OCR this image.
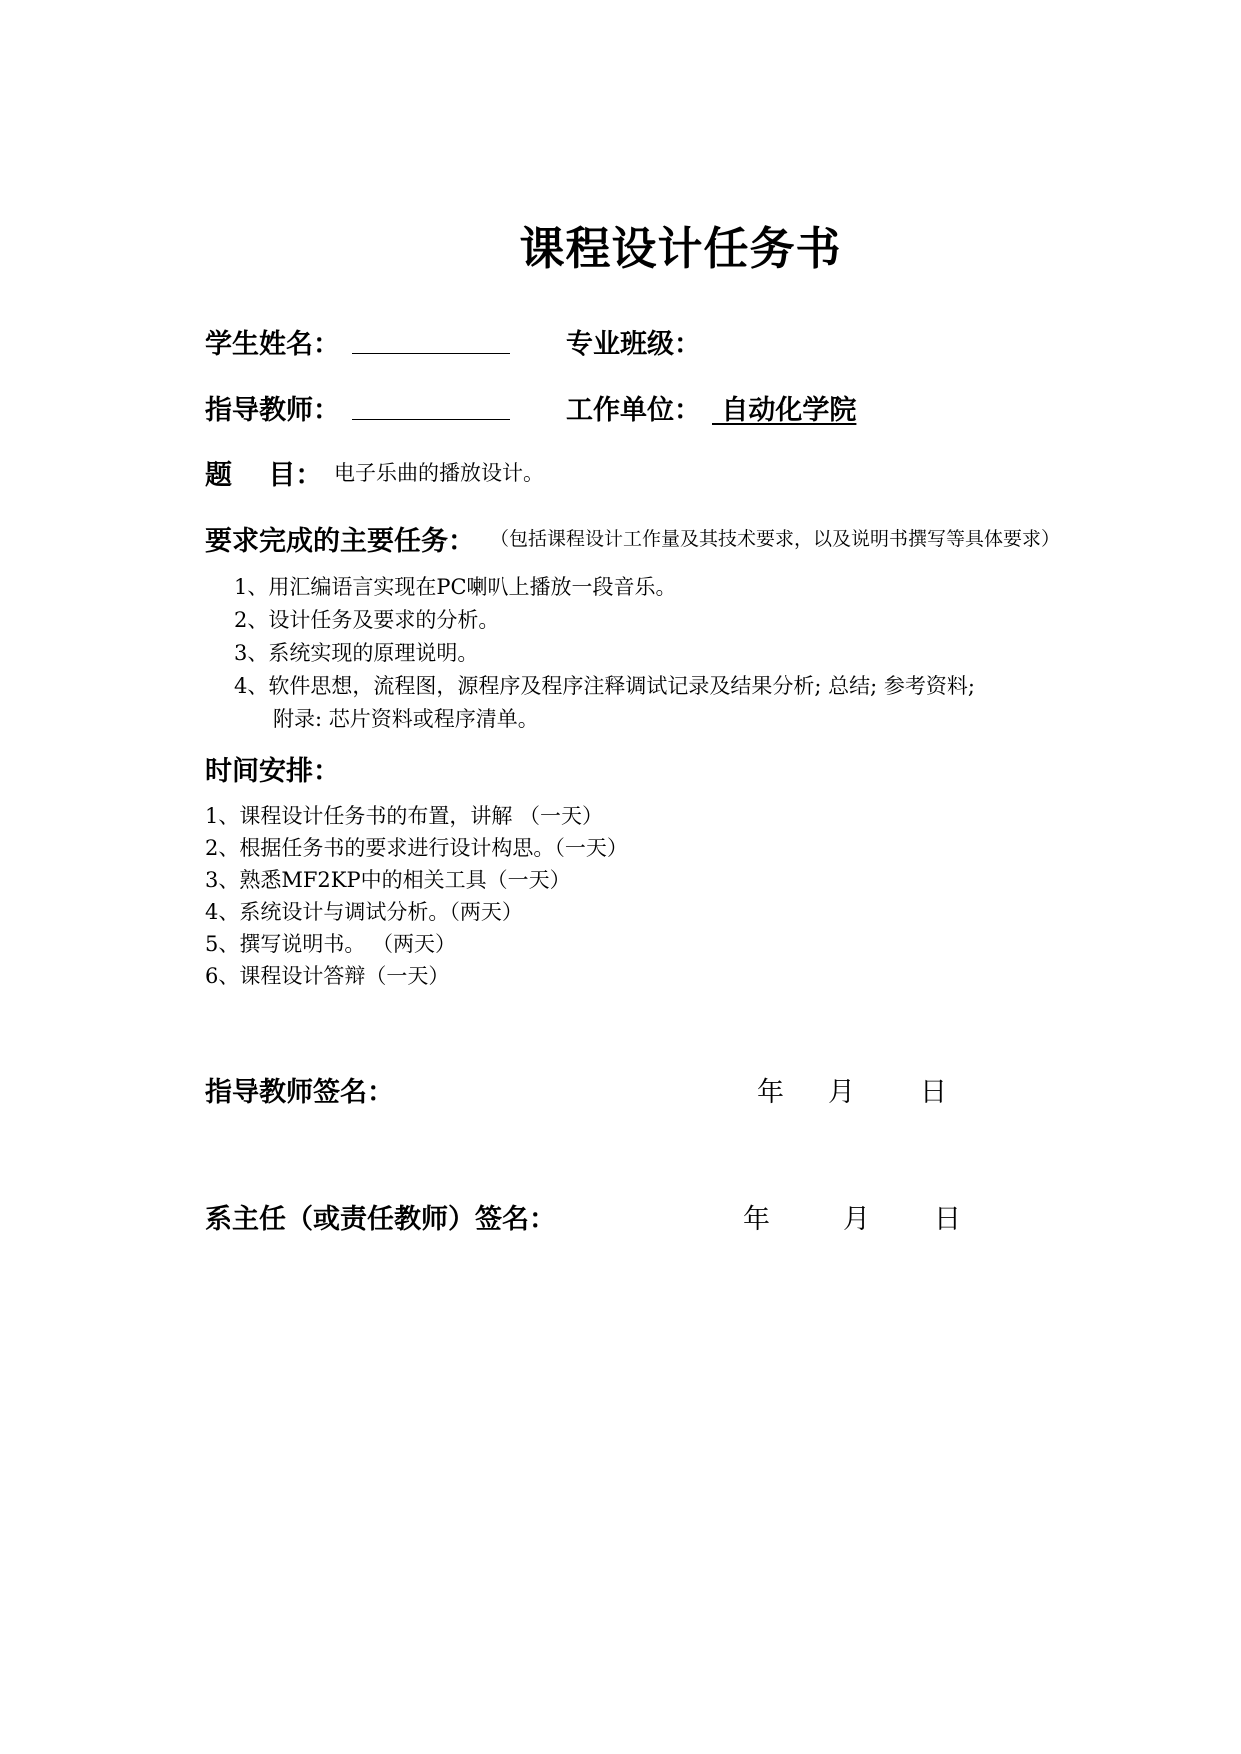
课程设计任务书
学生姓名：	专业班级：
指导教师：	工作单位： 自动化学院
题　 目： 电子乐曲的播放设计。
要求完成的主要任务： （包括课程设计工作量及其技术要求，以及说明书撰写等具体要求）
1、用汇编语言实现在PC喇叭上播放一段音乐。
2、设计任务及要求的分析。
3、系统实现的原理说明。
4、软件思想，流程图，源程序及程序注释调试记录及结果分析; 总结; 参考资料;
附录: 芯片资料或程序清单。
时间安排：
1、课程设计任务书的布置，讲解 （一天）
2、根据任务书的要求进行设计构思。（一天）
3、熟悉MF2KP中的相关工具（一天）
4、系统设计与调试分析。（两天）
5、撰写说明书。 （两天）
6、课程设计答辩（一天）
指导教师签名：	年 月 日
系主任（或责任教师）签名：	年	月 日
